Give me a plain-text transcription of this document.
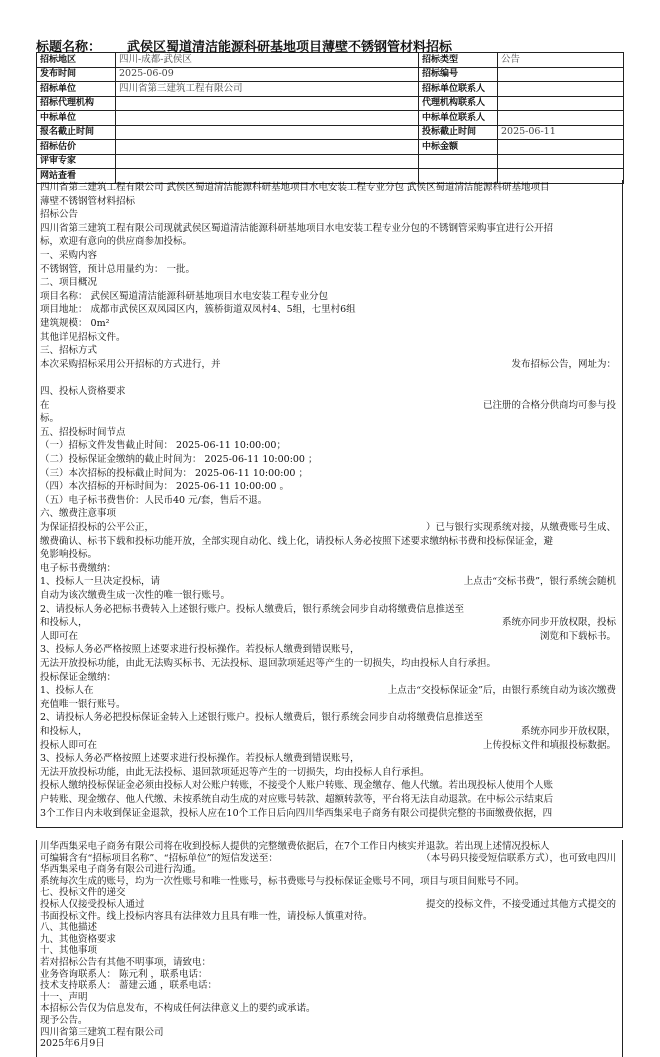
标题名称： 武侯区蜀道清洁能源科研基地项目薄壁不锈钢管材料招标
招标地区	四川-成都-武侯区	招标类型	公告
发布时间	2025-06-09	招标编号	
招标单位	四川省第三建筑工程有限公司	招标单位联系人	
招标代理机构		代理机构联系人	
中标单位		中标单位联系人	
报名截止时间		投标截止时间	2025-06-11
招标估价		中标金额	
评审专家			
网站查看			
四川省第三建筑工程有限公司 武侯区蜀道清洁能源科研基地项目水电安装工程专业分包 武侯区蜀道清洁能源科研基地项目
薄壁不锈钢管材料招标
招标公告
四川省第三建筑工程有限公司现就武侯区蜀道清洁能源科研基地项目水电安装工程专业分包的不锈钢管采购事宜进行公开招
标，欢迎有意向的供应商参加投标。
一、采购内容
不锈钢管，预计总用量约为： 一批。
二、项目概况
项目名称： 武侯区蜀道清洁能源科研基地项目水电安装工程专业分包
项目地址： 成都市武侯区双凤园区内，簇桥街道双凤村4、5组，七里村6组
建筑规模： 0m²
其他详见招标文件。
三、招标方式
本次采购招标采用公开招标的方式进行，并
四、投标人资格要求
在
标。
五、招投标时间节点
（一）招标文件发售截止时间： 2025-06-11 10:00:00；
（二）投标保证金缴纳的截止时间为： 2025-06-11 10:00:00 ；
（三）本次招标的投标截止时间为： 2025-06-11 10:00:00 ；
（四）本次招标的开标时间为： 2025-06-11 10:00:00 。
（五）电子标书费售价：人民币40 元/套，售后不退。
六、缴费注意事项
为保证招投标的公平公正，
缴费确认、标书下载和投标功能开放，全部实现自动化、线上化，请投标人务必按照下述要求缴纳标书费和投标保证金，避
免影响投标。
电子标书费缴纳：
1、投标人一旦决定投标，请
自动为该次缴费生成一次性的唯一银行账号。
2、请投标人务必把标书费转入上述银行账户。投标人缴费后，银行系统会同步自动将缴费信息推送至
和投标人，
人即可在
3、投标人务必严格按照上述要求进行投标操作。若投标人缴费到错误账号，
无法开放投标功能，由此无法购买标书、无法投标、退回款项延迟等产生的一切损失，均由投标人自行承担。
投标保证金缴纳：
1、投标人在
充值唯一银行账号。
2、请投标人务必把投标保证金转入上述银行账户。投标人缴费后，银行系统会同步自动将缴费信息推送至
和投标人，
投标人即可在
3、投标人务必严格按照上述要求进行投标操作。若投标人缴费到错误账号，
无法开放投标功能，由此无法投标、退回款项延迟等产生的一切损失，均由投标人自行承担。
投标人缴纳投标保证金必须由投标人对公账户转账，不接受个人账户转账、现金缴存、他人代缴。若出现投标人使用个人账
户转账、现金缴存、他人代缴、未按系统自动生成的对应账号转款、超额转款等，平台将无法自动退款。在中标公示结束后
3个工作日内未收到保证金退款，投标人应在10个工作日后向四川华西集采电子商务有限公司提供完整的书面缴费依据，四
发布招标公告，网址为：
已注册的合格分供商均可参与投
）已与银行实现系统对接，从缴费账号生成、
上点击“交标书费”，银行系统会随机
系统亦同步开放权限，投标
浏览和下载标书。
上点击“交投标保证金”后，由银行系统自动为该次缴费
系统亦同步开放权限，
上传投标文件和填报投标数据。
川华西集采电子商务有限公司将在收到投标人提供的完整缴费依据后，在7个工作日内核实并退款。若出现上述情况投标人
可编辑含有“招标项目名称”、“招标单位”的短信发送至：
华西集采电子商务有限公司进行沟通。
系统每次生成的账号，均为一次性账号和唯一性账号，标书费账号与投标保证金账号不同，项目与项目间账号不同。
七、投标文件的递交
投标人仅接受投标人通过
书面投标文件。线上投标内容具有法律效力且具有唯一性，请投标人慎重对待。
八、其他描述
九、其他资格要求
十、其他事项
若对招标公告有其他不明事项，请致电：
业务咨询联系人： 陈元利 ，联系电话：
技术支持联系人： 蔷建云通 ，联系电话：
十一、声明
本招标公告仅为信息发布，不构成任何法律意义上的要约或承诺。
现予公告。
四川省第三建筑工程有限公司
2025年6月9日
（本号码只接受短信联系方式），也可致电四川
提交的投标文件，不接受通过其他方式提交的
